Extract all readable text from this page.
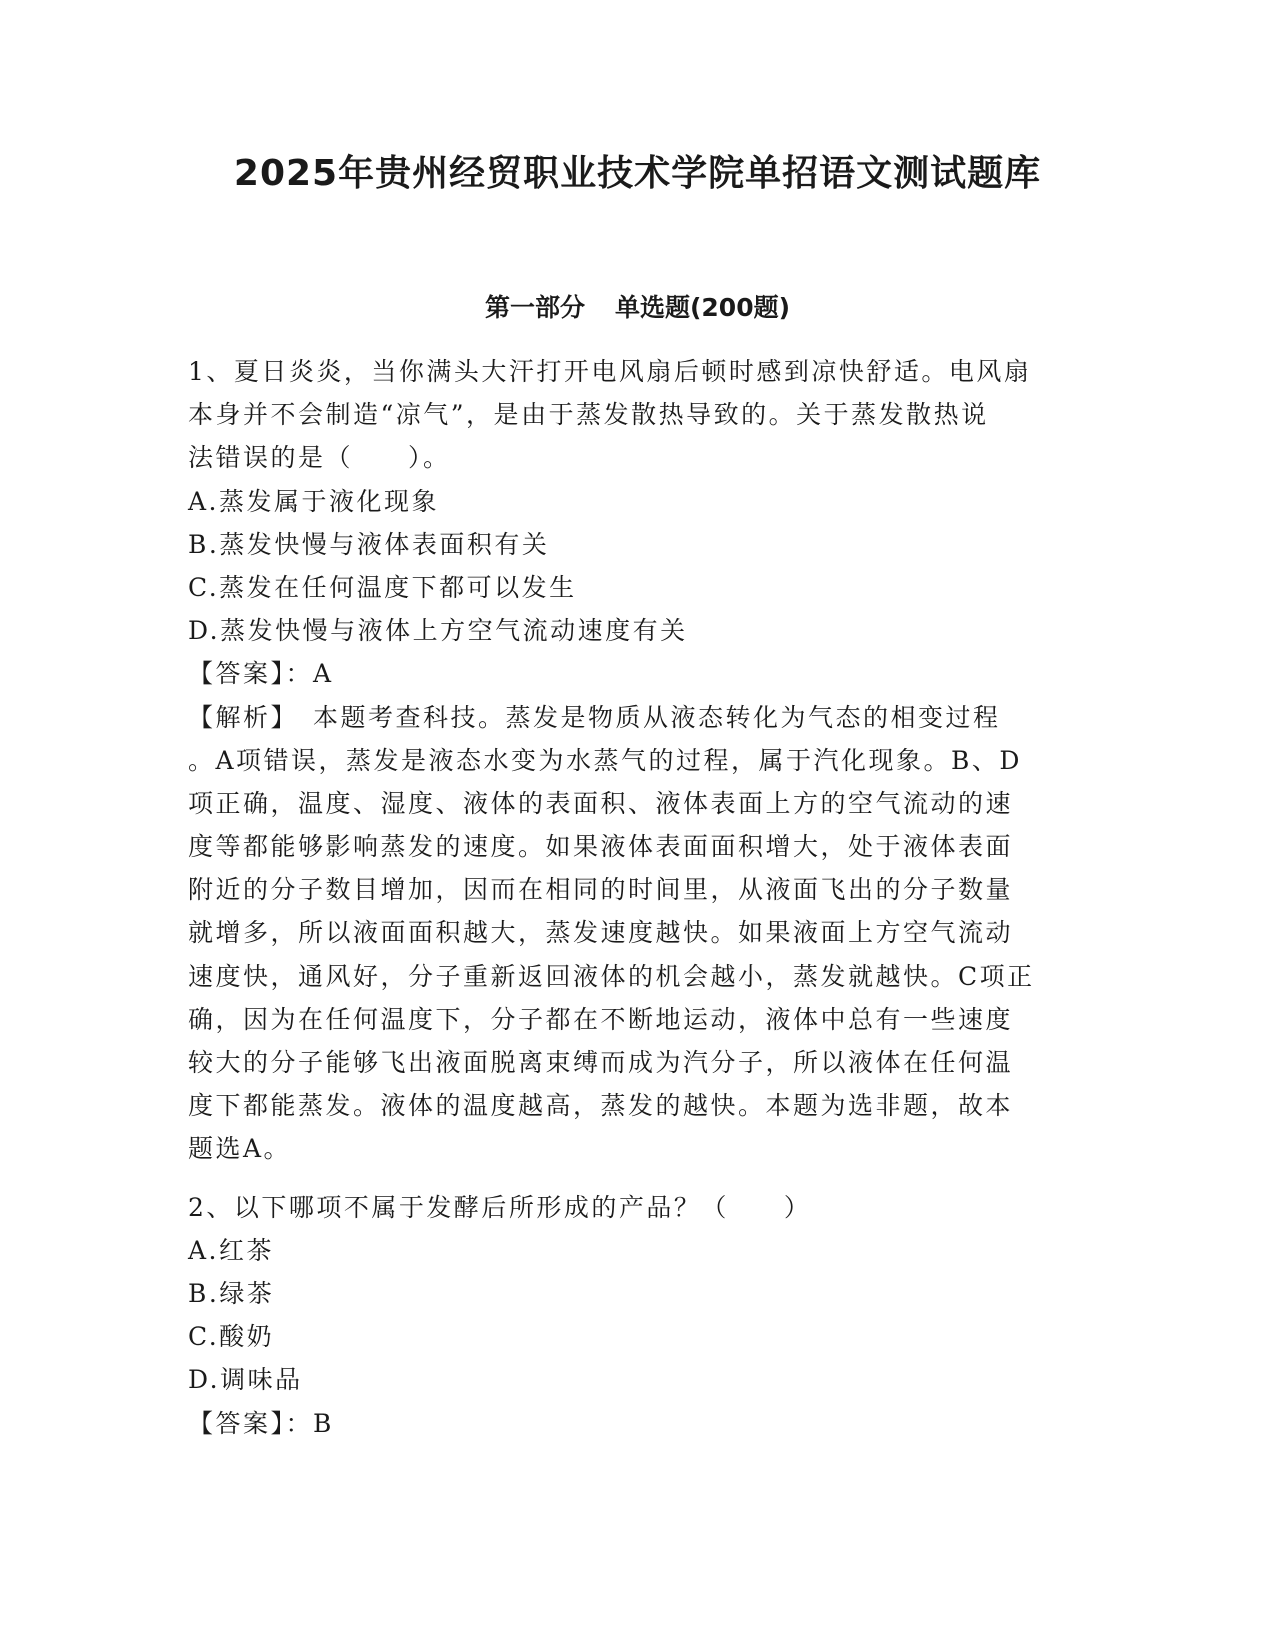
2025年贵州经贸职业技术学院单招语文测试题库
第一部分 单选题(200题)
1、夏日炎炎，当你满头大汗打开电风扇后顿时感到凉快舒适。电风扇
本身并不会制造“凉气”，是由于蒸发散热导致的。关于蒸发散热说
法错误的是（　　）。
A.蒸发属于液化现象
B.蒸发快慢与液体表面积有关
C.蒸发在任何温度下都可以发生
D.蒸发快慢与液体上方空气流动速度有关
【答案】：A
【解析】　本题考查科技。蒸发是物质从液态转化为气态的相变过程
。A项错误，蒸发是液态水变为水蒸气的过程，属于汽化现象。B、D
项正确，温度、湿度、液体的表面积、液体表面上方的空气流动的速
度等都能够影响蒸发的速度。如果液体表面面积增大，处于液体表面
附近的分子数目增加，因而在相同的时间里，从液面飞出的分子数量
就增多，所以液面面积越大，蒸发速度越快。如果液面上方空气流动
速度快，通风好，分子重新返回液体的机会越小，蒸发就越快。C项正
确，因为在任何温度下，分子都在不断地运动，液体中总有一些速度
较大的分子能够飞出液面脱离束缚而成为汽分子，所以液体在任何温
度下都能蒸发。液体的温度越高，蒸发的越快。本题为选非题，故本
题选A。
2、以下哪项不属于发酵后所形成的产品？（　　）
A.红茶
B.绿茶
C.酸奶
D.调味品
【答案】：B
